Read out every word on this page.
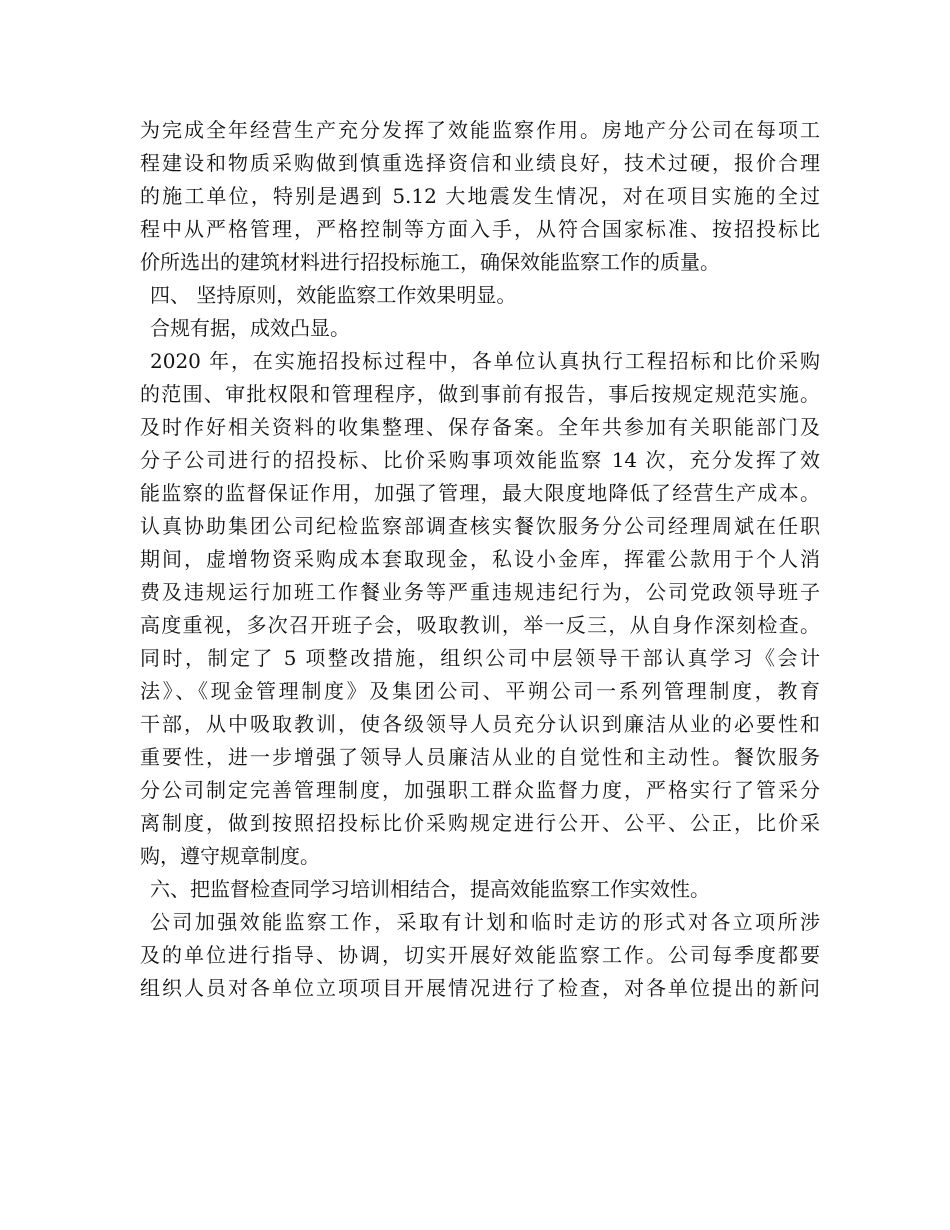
为完成全年经营生产充分发挥了效能监察作用。房地产分公司在每项工
程建设和物质采购做到慎重选择资信和业绩良好，技术过硬，报价合理
的施工单位，特别是遇到 5.12 大地震发生情况，对在项目实施的全过
程中从严格管理，严格控制等方面入手，从符合国家标准、按招投标比
价所选出的建筑材料进行招投标施工，确保效能监察工作的质量。
四、 坚持原则，效能监察工作效果明显。
合规有据，成效凸显。
2020 年，在实施招投标过程中，各单位认真执行工程招标和比价采购
的范围、审批权限和管理程序，做到事前有报告，事后按规定规范实施。
及时作好相关资料的收集整理、保存备案。全年共参加有关职能部门及
分子公司进行的招投标、比价采购事项效能监察 14 次，充分发挥了效
能监察的监督保证作用，加强了管理，最大限度地降低了经营生产成本。
认真协助集团公司纪检监察部调查核实餐饮服务分公司经理周斌在任职
期间，虚增物资采购成本套取现金，私设小金库，挥霍公款用于个人消
费及违规运行加班工作餐业务等严重违规违纪行为，公司党政领导班子
高度重视，多次召开班子会，吸取教训，举一反三，从自身作深刻检查。
同时，制定了 5 项整改措施，组织公司中层领导干部认真学习《会计
法》、《现金管理制度》及集团公司、平朔公司一系列管理制度，教育
干部，从中吸取教训，使各级领导人员充分认识到廉洁从业的必要性和
重要性，进一步增强了领导人员廉洁从业的自觉性和主动性。餐饮服务
分公司制定完善管理制度，加强职工群众监督力度，严格实行了管采分
离制度，做到按照招投标比价采购规定进行公开、公平、公正，比价采
购，遵守规章制度。
六、把监督检查同学习培训相结合，提高效能监察工作实效性。
公司加强效能监察工作，采取有计划和临时走访的形式对各立项所涉
及的单位进行指导、协调，切实开展好效能监察工作。公司每季度都要
组织人员对各单位立项项目开展情况进行了检查，对各单位提出的新问
